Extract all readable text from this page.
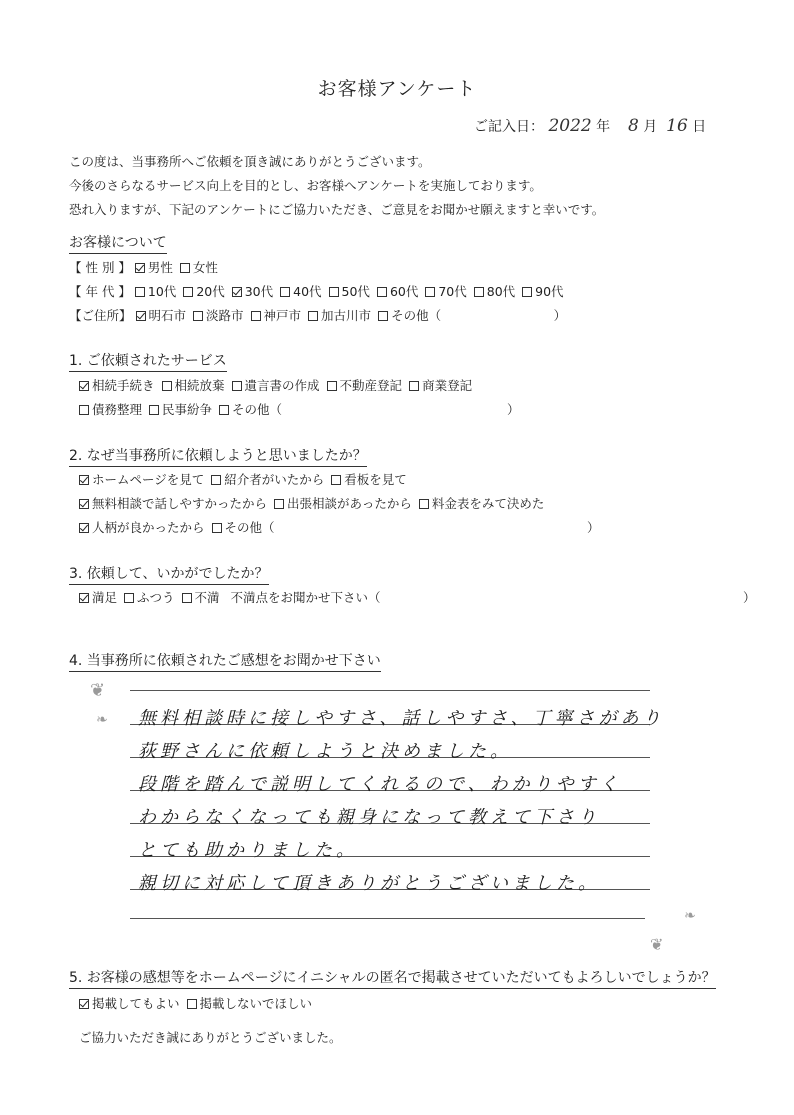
お客様アンケート
ご記入日： 2022 年 8 月 16 日
この度は、当事務所へご依頼を頂き誠にありがとうございます。
今後のさらなるサービス向上を目的とし、お客様へアンケートを実施しております。
恐れ入りますが、下記のアンケートにご協力いただき、ご意見をお聞かせ願えますと幸いです。
お客様について
【 性 別 】 男性 女性
【 年 代 】 10代 20代 30代 40代 50代 60代 70代 80代 90代
【ご住所】 明石市 淡路市 神戸市 加古川市 その他（　　　　　　　　　）
1. ご依頼されたサービス
相続手続き 相続放棄 遺言書の作成 不動産登記 商業登記
債務整理 民事紛争 その他（　　　　　　　　　　　　　　　　　　）
2. なぜ当事務所に依頼しようと思いましたか？
ホームページを見て 紹介者がいたから 看板を見て
無料相談で話しやすかったから 出張相談があったから 料金表をみて決めた
人柄が良かったから その他（　　　　　　　　　　　　　　　　　　　　　　　　　）
3. 依頼して、いかがでしたか？
満足 ふつう 不満 不満点をお聞かせ下さい（　　　　　　　　　　　　　　　　　　　　　　　　　　　　　）
4. 当事務所に依頼されたご感想をお聞かせ下さい
無料相談時に接しやすさ、話しやすさ、丁寧さがあり
荻野さんに依頼しようと決めました。
段階を踏んで説明してくれるので、わかりやすく
わからなくなっても親身になって教えて下さり
とても助かりました。
親切に対応して頂きありがとうございました。
❦
❧
❧
❦
5. お客様の感想等をホームページにイニシャルの匿名で掲載させていただいてもよろしいでしょうか？
掲載してもよい 掲載しないでほしい
ご協力いただき誠にありがとうございました。
